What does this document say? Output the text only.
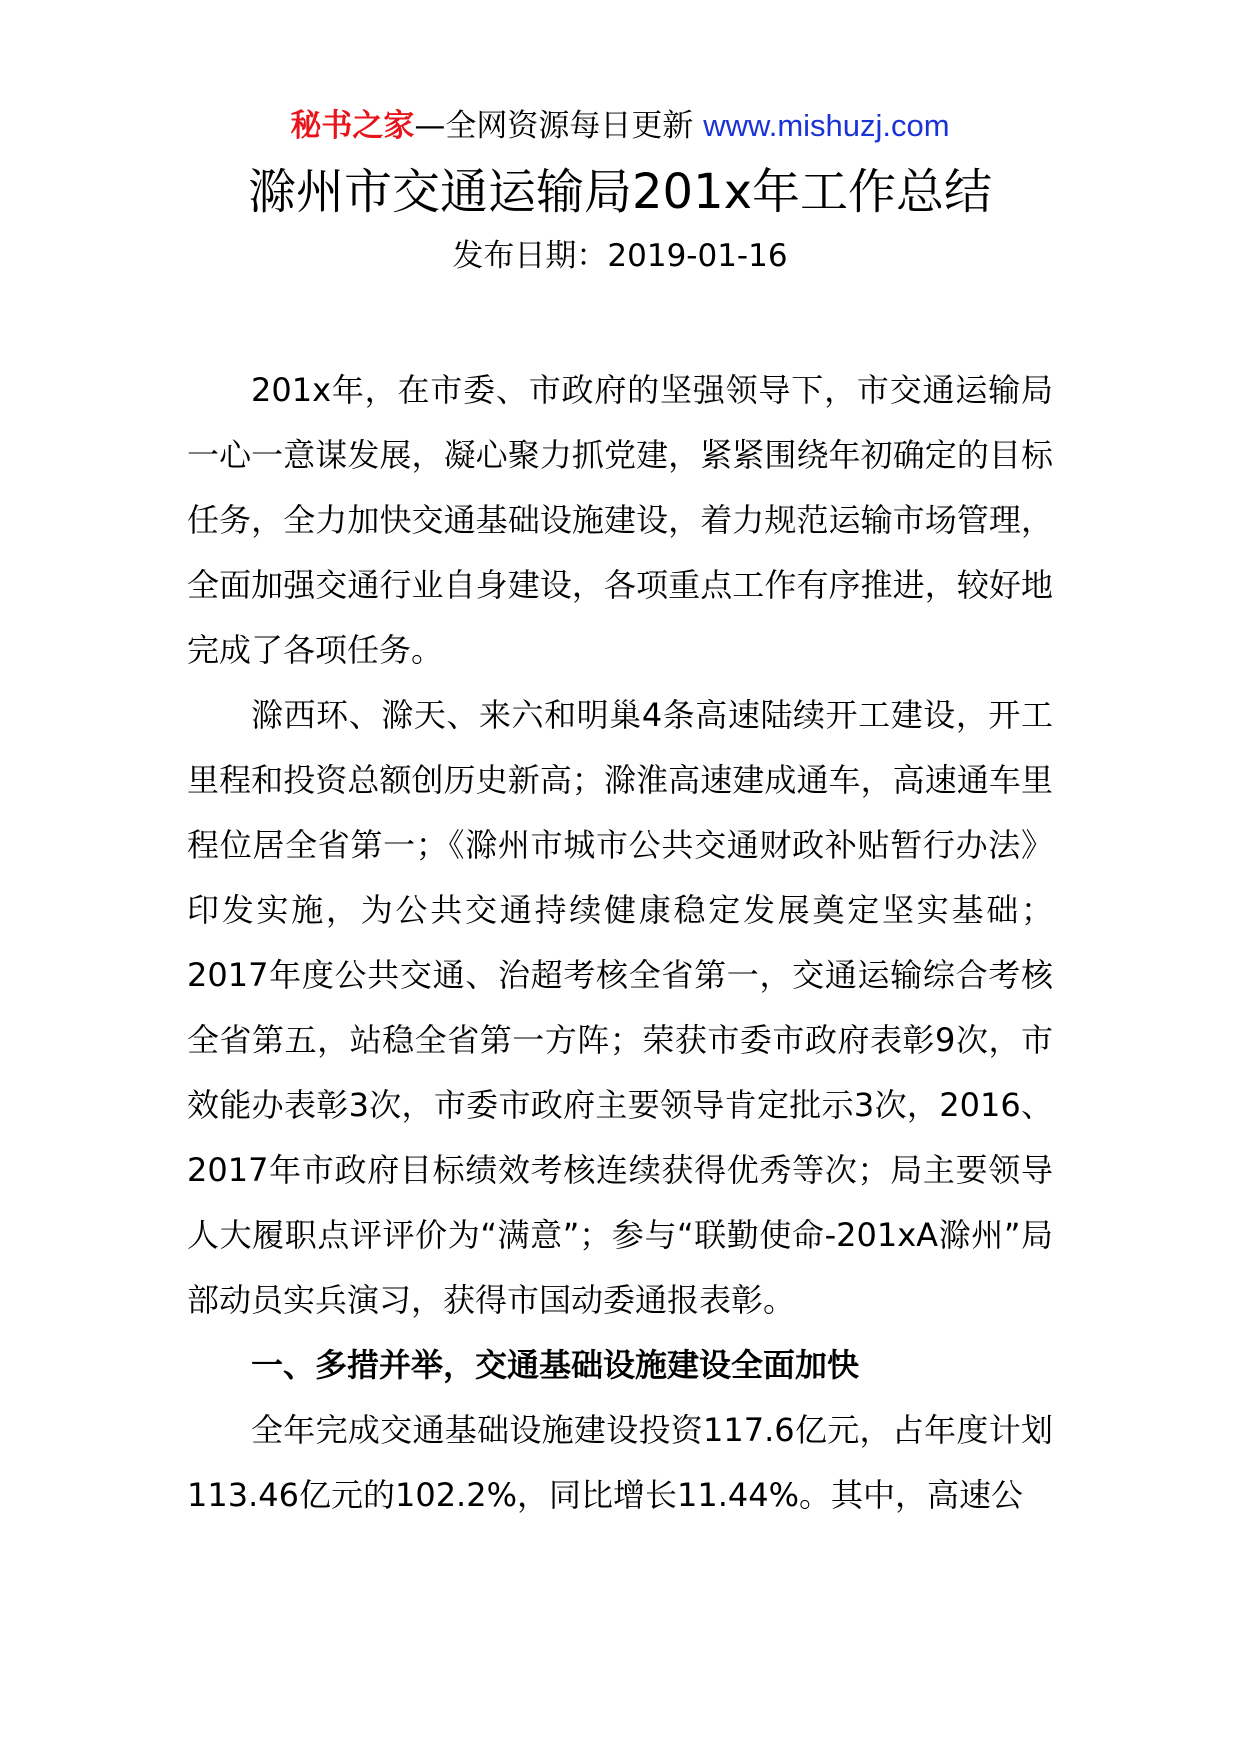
秘书之家—全网资源每日更新 www.mishuzj.com
滁州市交通运输局201x年工作总结
发布日期：2019-01-16

201x年，在市委、市政府的坚强领导下，市交通运输局一心一意谋发展，凝心聚力抓党建，紧紧围绕年初确定的目标任务，全力加快交通基础设施建设，着力规范运输市场管理，全面加强交通行业自身建设，各项重点工作有序推进，较好地完成了各项任务。

滁西环、滁天、来六和明巢4条高速陆续开工建设，开工里程和投资总额创历史新高；滁淮高速建成通车，高速通车里程位居全省第一；《滁州市城市公共交通财政补贴暂行办法》印发实施，为公共交通持续健康稳定发展奠定坚实基础；2017年度公共交通、治超考核全省第一，交通运输综合考核全省第五，站稳全省第一方阵；荣获市委市政府表彰9次，市效能办表彰3次，市委市政府主要领导肯定批示3次，2016、2017年市政府目标绩效考核连续获得优秀等次；局主要领导人大履职点评评价为“满意”；参与“联勤使命-201xA滁州”局部动员实兵演习，获得市国动委通报表彰。

一、多措并举，交通基础设施建设全面加快

全年完成交通基础设施建设投资117.6亿元，占年度计划113.46亿元的102.2%，同比增长11.44%。其中，高速公
